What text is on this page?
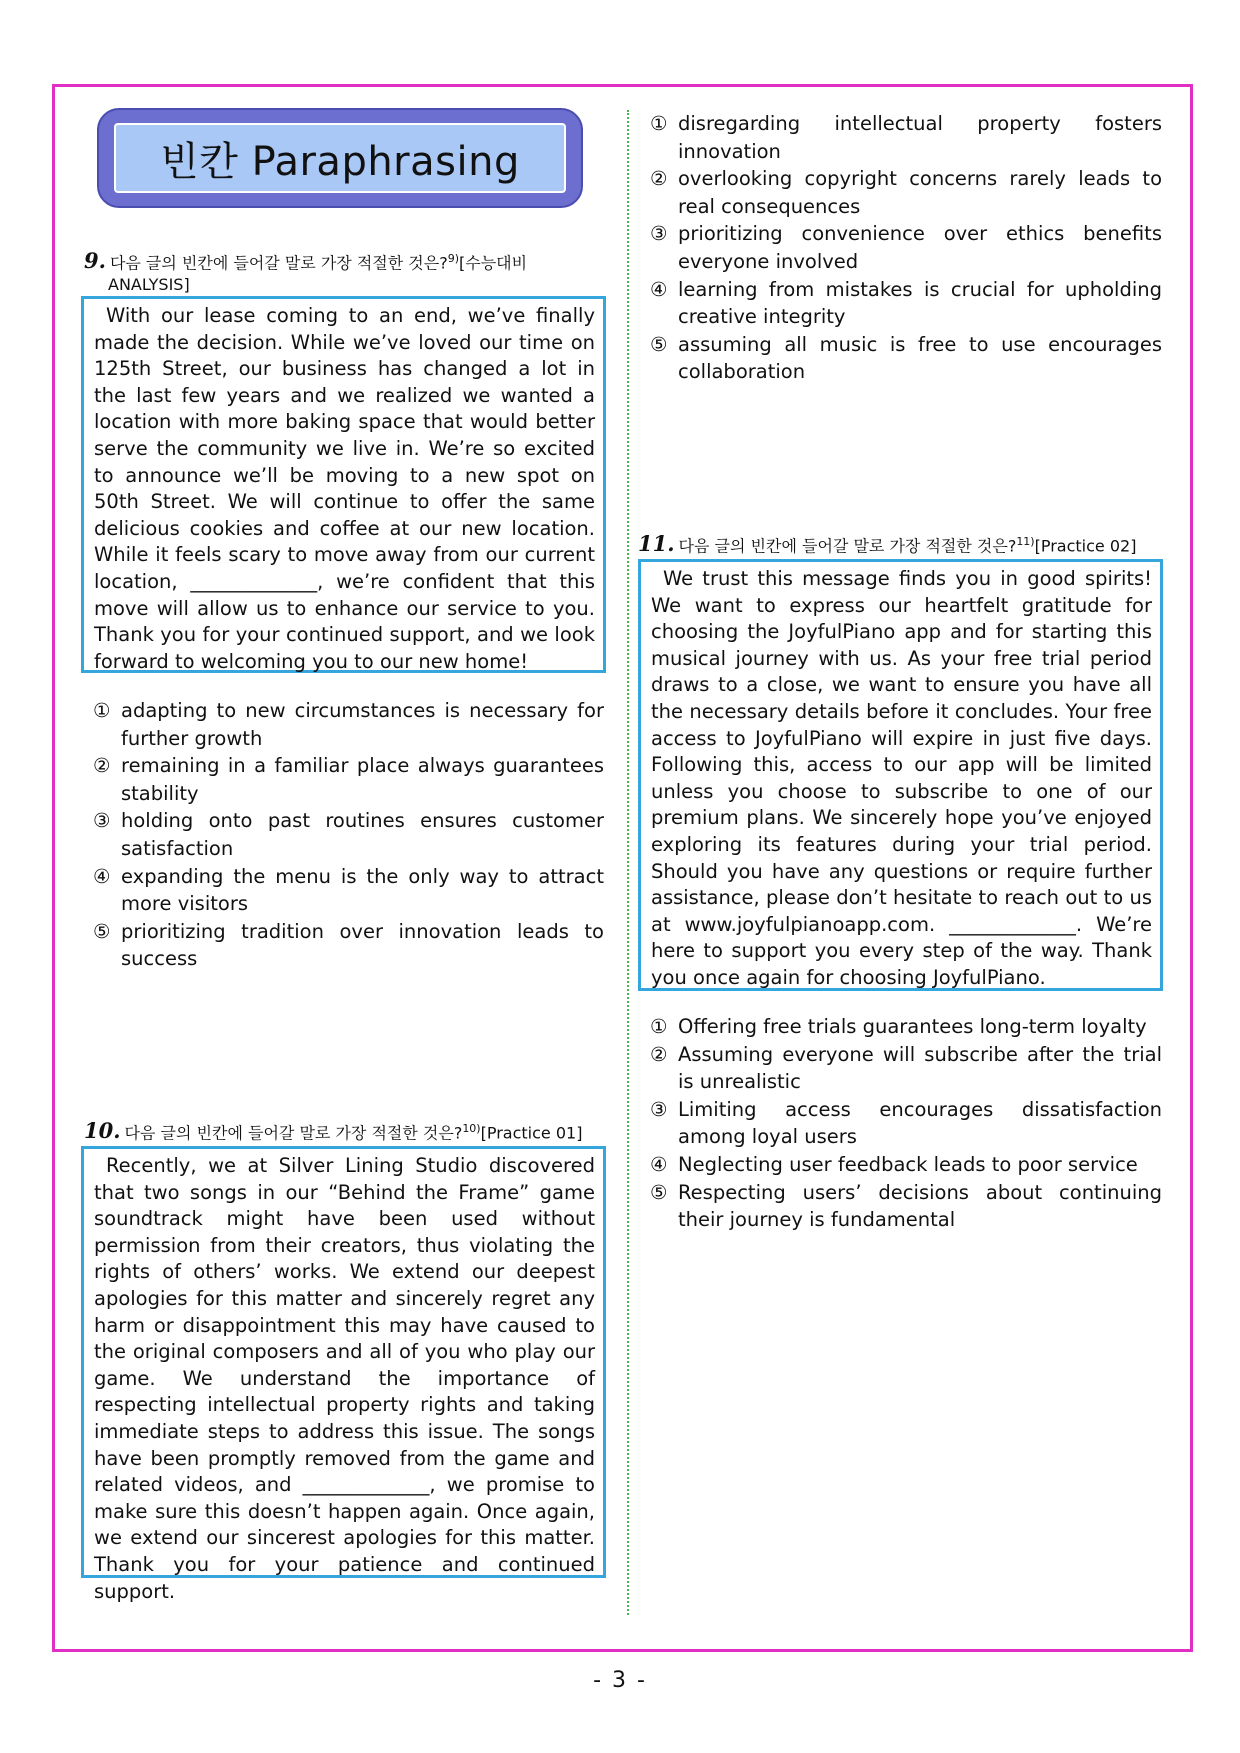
빈칸 Paraphrasing
9. 다음 글의 빈칸에 들어갈 말로 가장 적절한 것은?$^{9)}$[수능대비
ANALYSIS]

With our lease coming to an end, we’ve finally made the decision. While we’ve loved our time on 125th Street, our business has changed a lot in the last few years and we realized we wanted a location with more baking space that would better serve the community we live in. We’re so excited to announce we’ll be moving to a new spot on 50th Street. We will continue to offer the same delicious cookies and coffee at our new location. While it feels scary to move away from our current location, _____________, we’re confident that this move will allow us to enhance our service to you. Thank you for your continued support, and we look forward to welcoming you to our new home!

① adapting to new circumstances is necessary for further growth
② remaining in a familiar place always guarantees stability
③ holding onto past routines ensures customer satisfaction
④ expanding the menu is the only way to attract more visitors
⑤ prioritizing tradition over innovation leads to success
10. 다음 글의 빈칸에 들어갈 말로 가장 적절한 것은?$^{10)}$[Practice 01]

Recently, we at Silver Lining Studio discovered that two songs in our “Behind the Frame” game soundtrack might have been used without permission from their creators, thus violating the rights of others’ works. We extend our deepest apologies for this matter and sincerely regret any harm or disappointment this may have caused to the original composers and all of you who play our game. We understand the importance of respecting intellectual property rights and taking immediate steps to address this issue. The songs have been promptly removed from the game and related videos, and _____________, we promise to make sure this doesn’t happen again. Once again, we extend our sincerest apologies for this matter. Thank you for your patience and continued support.

① disregarding intellectual property fosters innovation
② overlooking copyright concerns rarely leads to real consequences
③ prioritizing convenience over ethics benefits everyone involved
④ learning from mistakes is crucial for upholding creative integrity
⑤ assuming all music is free to use encourages collaboration
11. 다음 글의 빈칸에 들어갈 말로 가장 적절한 것은?$^{11)}$[Practice 02]

We trust this message finds you in good spirits! We want to express our heartfelt gratitude for choosing the JoyfulPiano app and for starting this musical journey with us. As your free trial period draws to a close, we want to ensure you have all the necessary details before it concludes. Your free access to JoyfulPiano will expire in just five days. Following this, access to our app will be limited unless you choose to subscribe to one of our premium plans. We sincerely hope you’ve enjoyed exploring its features during your trial period. Should you have any questions or require further assistance, please don’t hesitate to reach out to us at www.joyfulpianoapp.com. _____________. We’re here to support you every step of the way. Thank you once again for choosing JoyfulPiano.

① Offering free trials guarantees long-term loyalty
② Assuming everyone will subscribe after the trial is unrealistic
③ Limiting access encourages dissatisfaction among loyal users
④ Neglecting user feedback leads to poor service
⑤ Respecting users’ decisions about continuing their journey is fundamental
- 3 -
